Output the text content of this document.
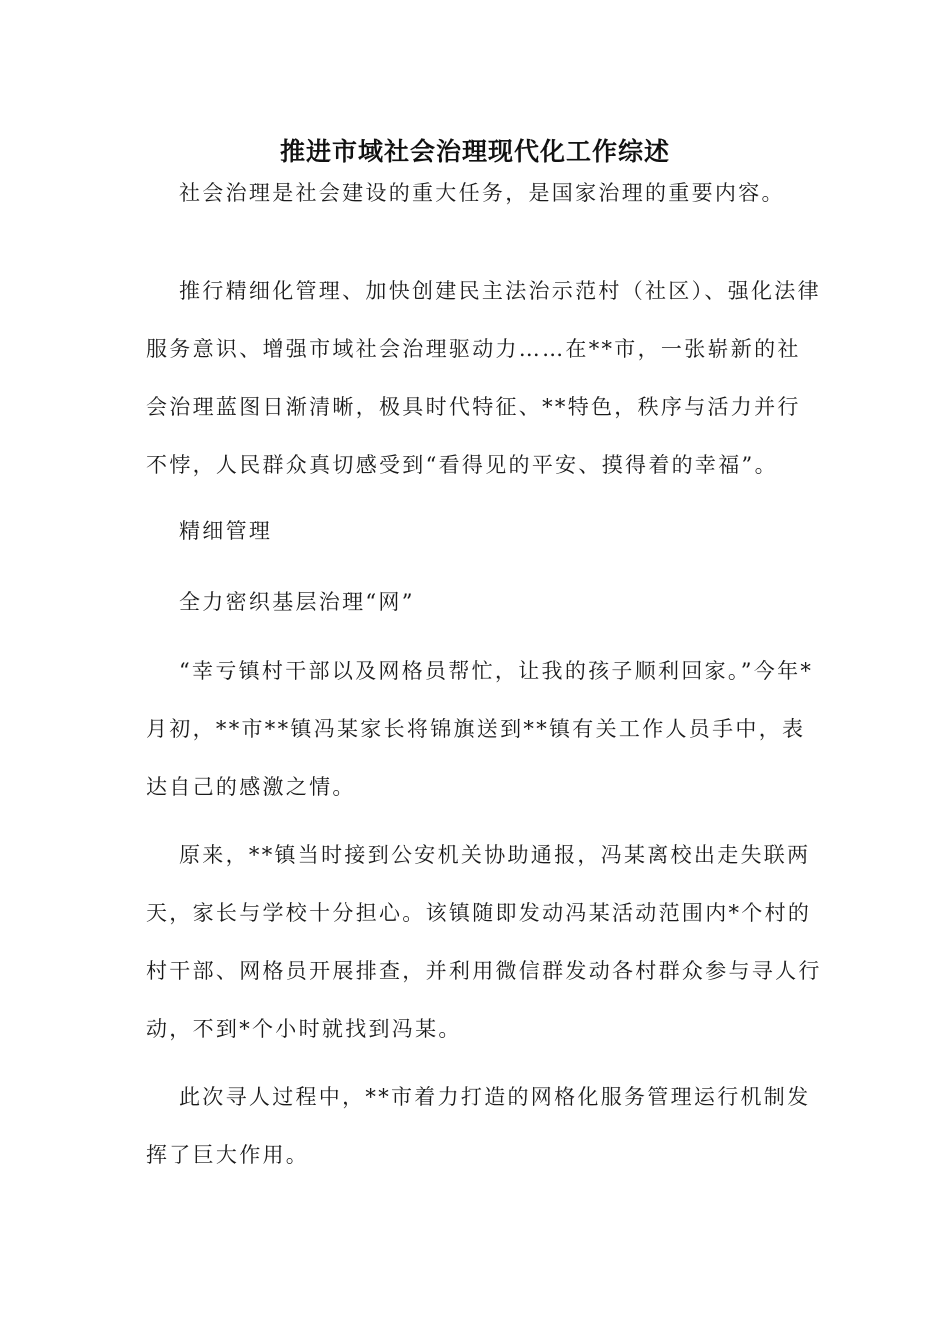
推进市域社会治理现代化工作综述

社会治理是社会建设的重大任务，是国家治理的重要内容。

推行精细化管理、加快创建民主法治示范村（社区）、强化法律服务意识、增强市域社会治理驱动力……在**市，一张崭新的社会治理蓝图日渐清晰，极具时代特征、**特色，秩序与活力并行不悖，人民群众真切感受到“看得见的平安、摸得着的幸福”。

精细管理

全力密织基层治理“网”

“幸亏镇村干部以及网格员帮忙，让我的孩子顺利回家。”今年*月初，**市**镇冯某家长将锦旗送到**镇有关工作人员手中，表达自己的感激之情。

原来，**镇当时接到公安机关协助通报，冯某离校出走失联两天，家长与学校十分担心。该镇随即发动冯某活动范围内*个村的村干部、网格员开展排查，并利用微信群发动各村群众参与寻人行动，不到*个小时就找到冯某。

此次寻人过程中，**市着力打造的网格化服务管理运行机制发挥了巨大作用。
